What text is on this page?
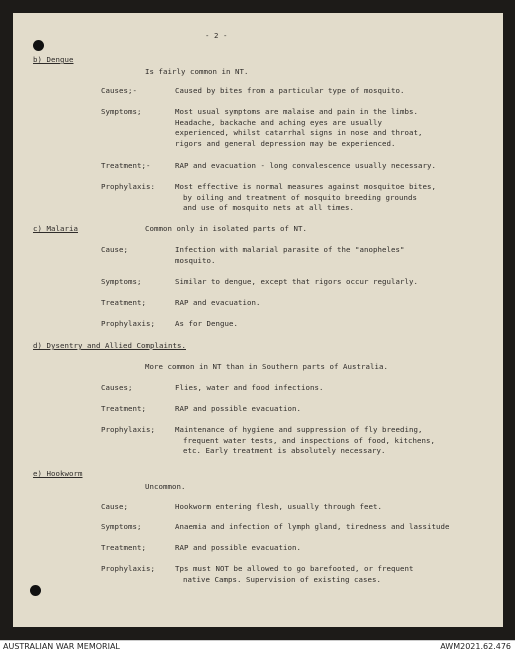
- 2 -
b) Dengue
Is fairly common in NT.
Causes;-	Caused by bites from a particular type of mosquito.
Symptoms;	Most usual symptoms are malaise and pain in the limbs.
Headache, backache and aching eyes are usually
experienced, whilst catarrhal signs in nose and throat,
rigors and general depression may be experienced.
Treatment;-	RAP and evacuation - long convalescence usually necessary.
Prophylaxis:	Most effective is normal measures against mosquitoe bites,
by oiling and treatment of mosquito breeding grounds
and use of mosquito nets at all times.
c) Malaria	Common only in isolated parts of NT.
Cause;	Infection with malarial parasite of the "anopheles"
mosquito.
Symptoms;	Similar to dengue, except that rigors occur regularly.
Treatment;	RAP and evacuation.
Prophylaxis;	As for Dengue.
d) Dysentry and Allied Complaints.
More common in NT than in Southern parts of Australia.
Causes;	Flies, water and food infections.
Treatment;	RAP and possible evacuation.
Prophylaxis;	Maintenance of hygiene and suppression of fly breeding,
frequent water tests, and inspections of food, kitchens,
etc. Early treatment is absolutely necessary.
e) Hookworm
Uncommon.
Cause;	Hookworm entering flesh, usually through feet.
Symptoms;	Anaemia and infection of lymph gland, tiredness and lassitude
Treatment;	RAP and possible evacuation.
Prophylaxis;	Tps must NOT be allowed to go barefooted, or frequent
native Camps. Supervision of existing cases.
AUSTRALIAN WAR MEMORIAL	AWM2021.62.476
